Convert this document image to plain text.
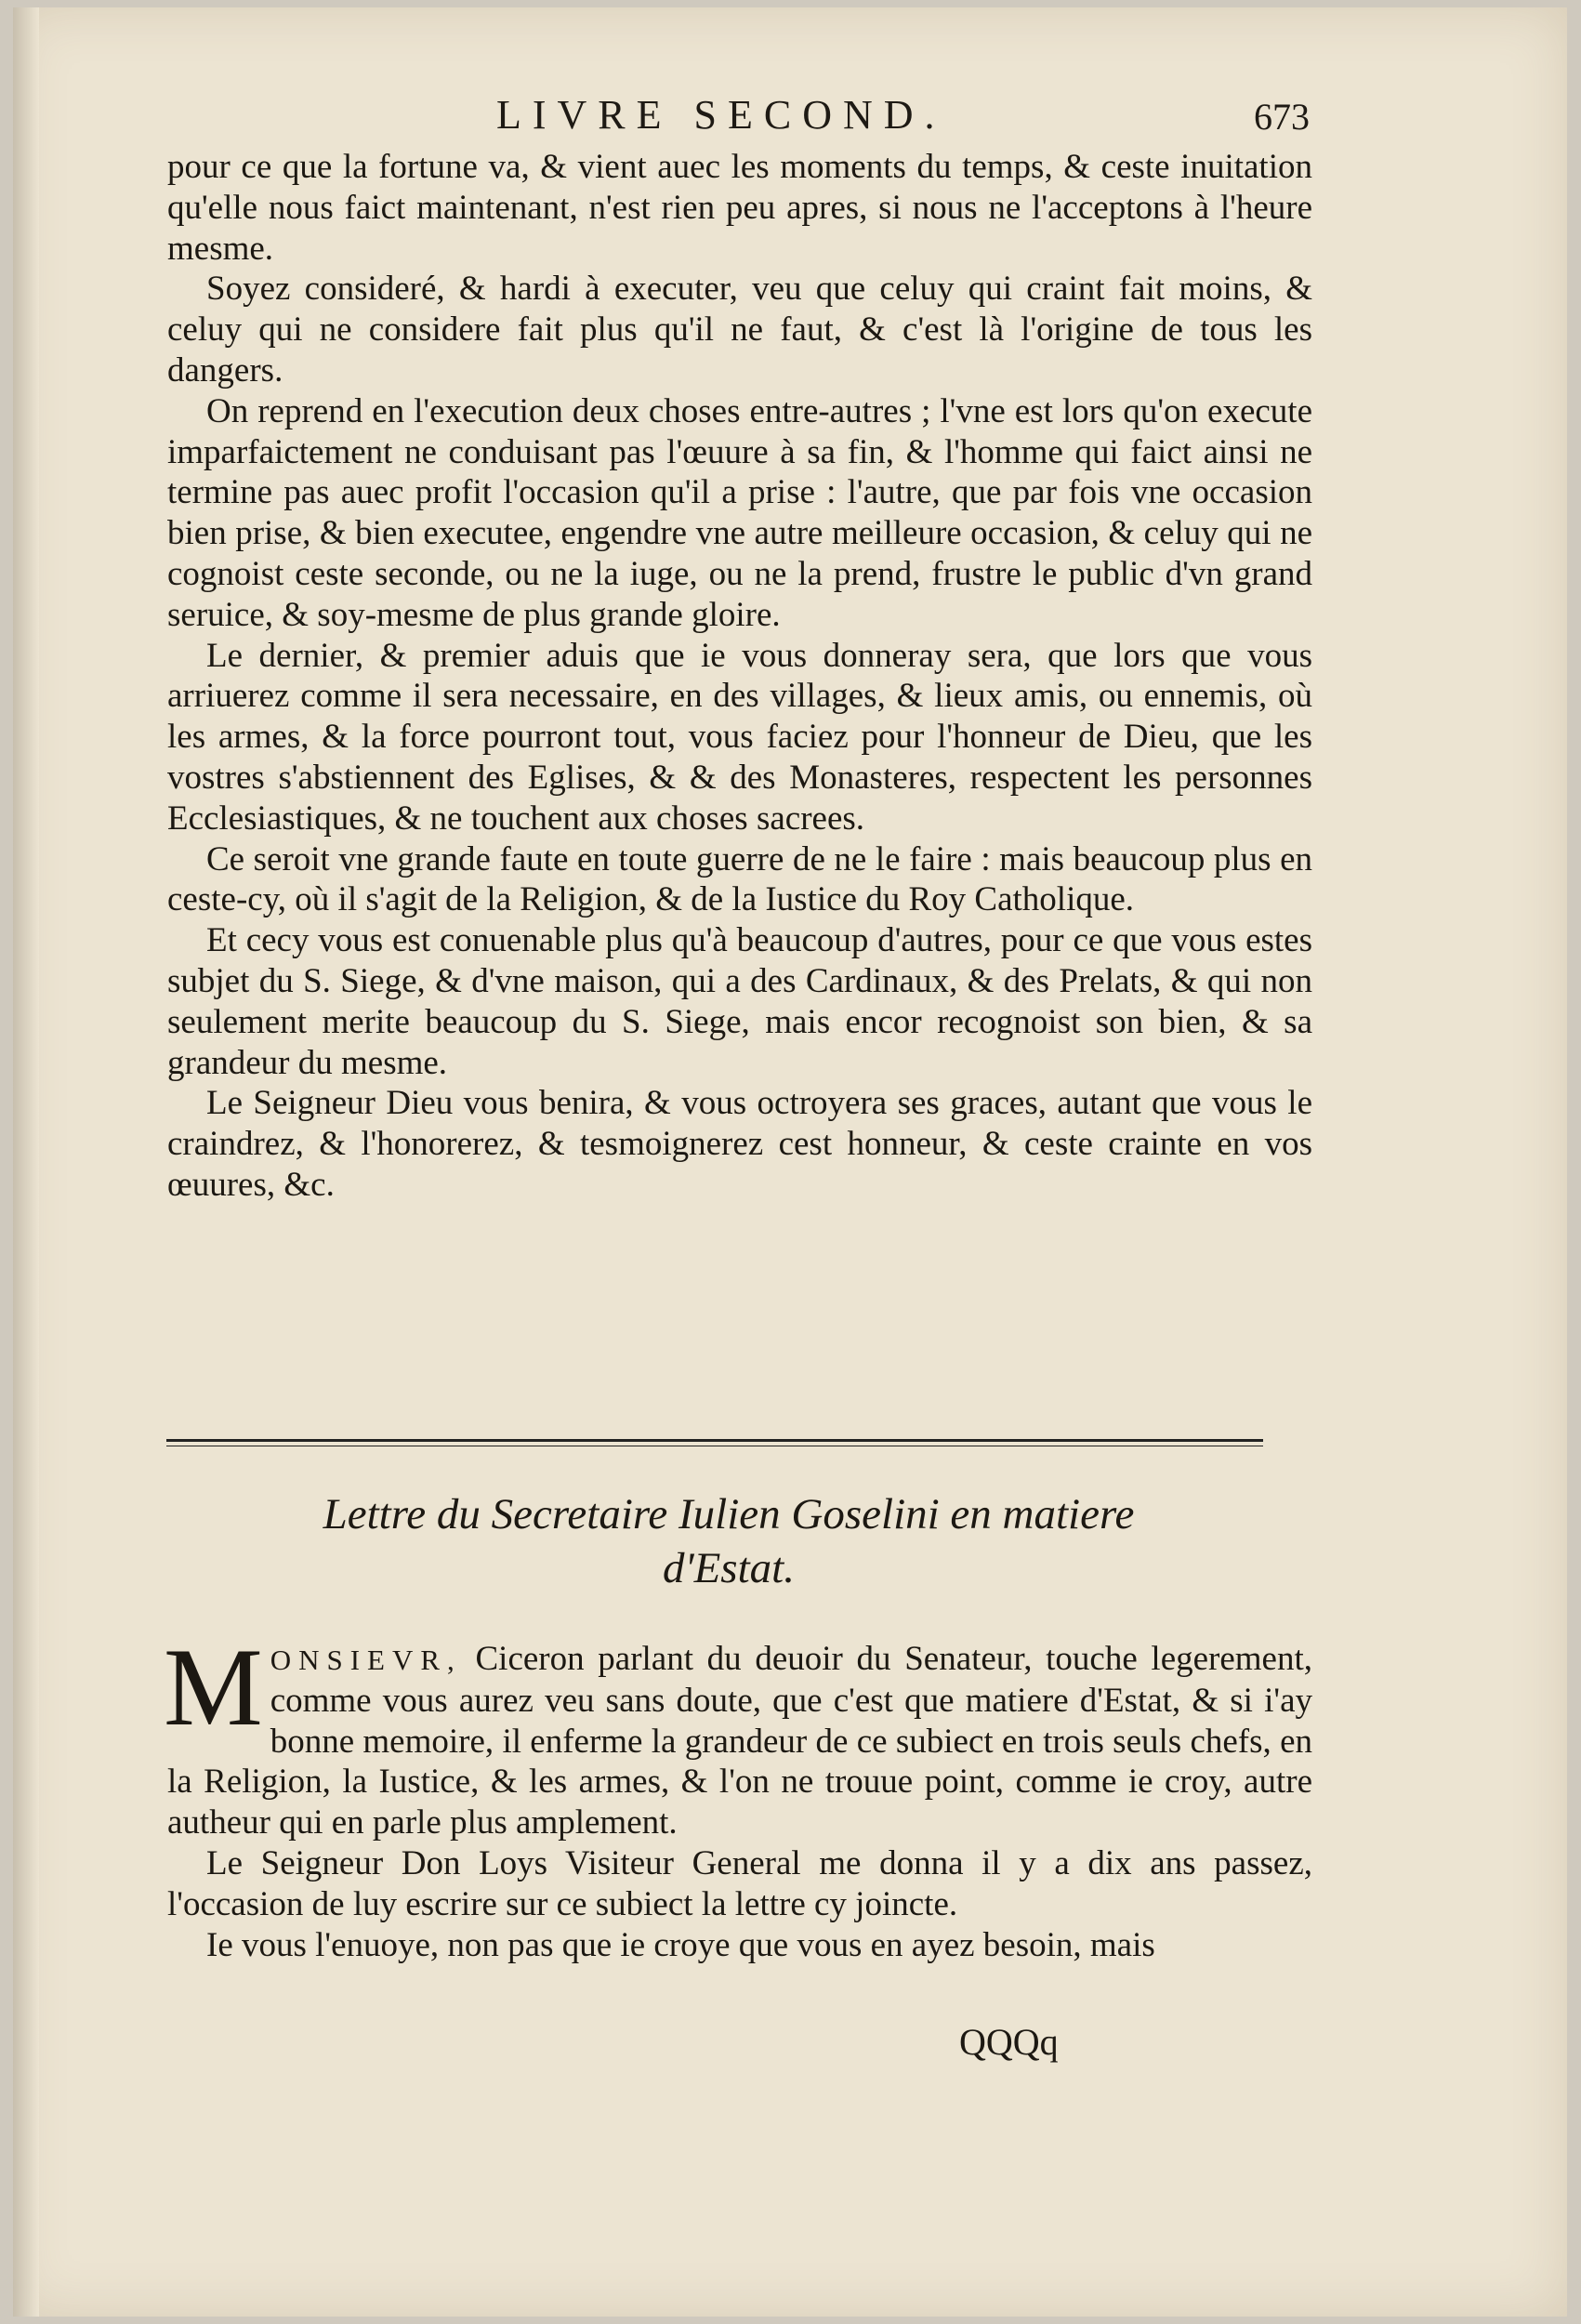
LIVRE SECOND.	673

pour ce que la fortune va, & vient auec les moments du temps, & ceste inuitation qu'elle nous faict maintenant, n'est rien peu apres, si nous ne l'acceptons à l'heure mesme.

Soyez consideré, & hardi à executer, veu que celuy qui craint fait moins, & celuy qui ne considere fait plus qu'il ne faut, & c'est là l'origine de tous les dangers.

On reprend en l'execution deux choses entre-autres ; l'vne est lors qu'on execute imparfaictement ne conduisant pas l'œuure à sa fin, & l'homme qui faict ainsi ne termine pas auec profit l'occasion qu'il a prise : l'autre, que par fois vne occasion bien prise, & bien executee, engendre vne autre meilleure occasion, & celuy qui ne cognoist ceste seconde, ou ne la iuge, ou ne la prend, frustre le public d'vn grand seruice, & soy-mesme de plus grande gloire.

Le dernier, & premier aduis que ie vous donneray sera, que lors que vous arriuerez comme il sera necessaire, en des villages, & lieux amis, ou ennemis, où les armes, & la force pourront tout, vous faciez pour l'honneur de Dieu, que les vostres s'abstiennent des Eglises, & & des Monasteres, respectent les personnes Ecclesiastiques, & ne touchent aux choses sacrees.

Ce seroit vne grande faute en toute guerre de ne le faire : mais beaucoup plus en ceste-cy, où il s'agit de la Religion, & de la Iustice du Roy Catholique.

Et cecy vous est conuenable plus qu'à beaucoup d'autres, pour ce que vous estes subjet du S. Siege, & d'vne maison, qui a des Cardinaux, & des Prelats, & qui non seulement merite beaucoup du S. Siege, mais encor recognoist son bien, & sa grandeur du mesme.

Le Seigneur Dieu vous benira, & vous octroyera ses graces, autant que vous le craindrez, & l'honorerez, & tesmoignerez cest honneur, & ceste crainte en vos œuures, &c.

Lettre du Secretaire Iulien Goselini en matiere
d'Estat.

MONSIEVR, Ciceron parlant du deuoir du Senateur, touche legerement, comme vous aurez veu sans doute, que c'est que matiere d'Estat, & si i'ay bonne memoire, il enferme la grandeur de ce subiect en trois seuls chefs, en la Religion, la Iustice, & les armes, & l'on ne trouue point, comme ie croy, autre autheur qui en parle plus amplement.

Le Seigneur Don Loys Visiteur General me donna il y a dix ans passez, l'occasion de luy escrire sur ce subiect la lettre cy joincte.

Ie vous l'enuoye, non pas que ie croye que vous en ayez besoin, mais

QQQq
